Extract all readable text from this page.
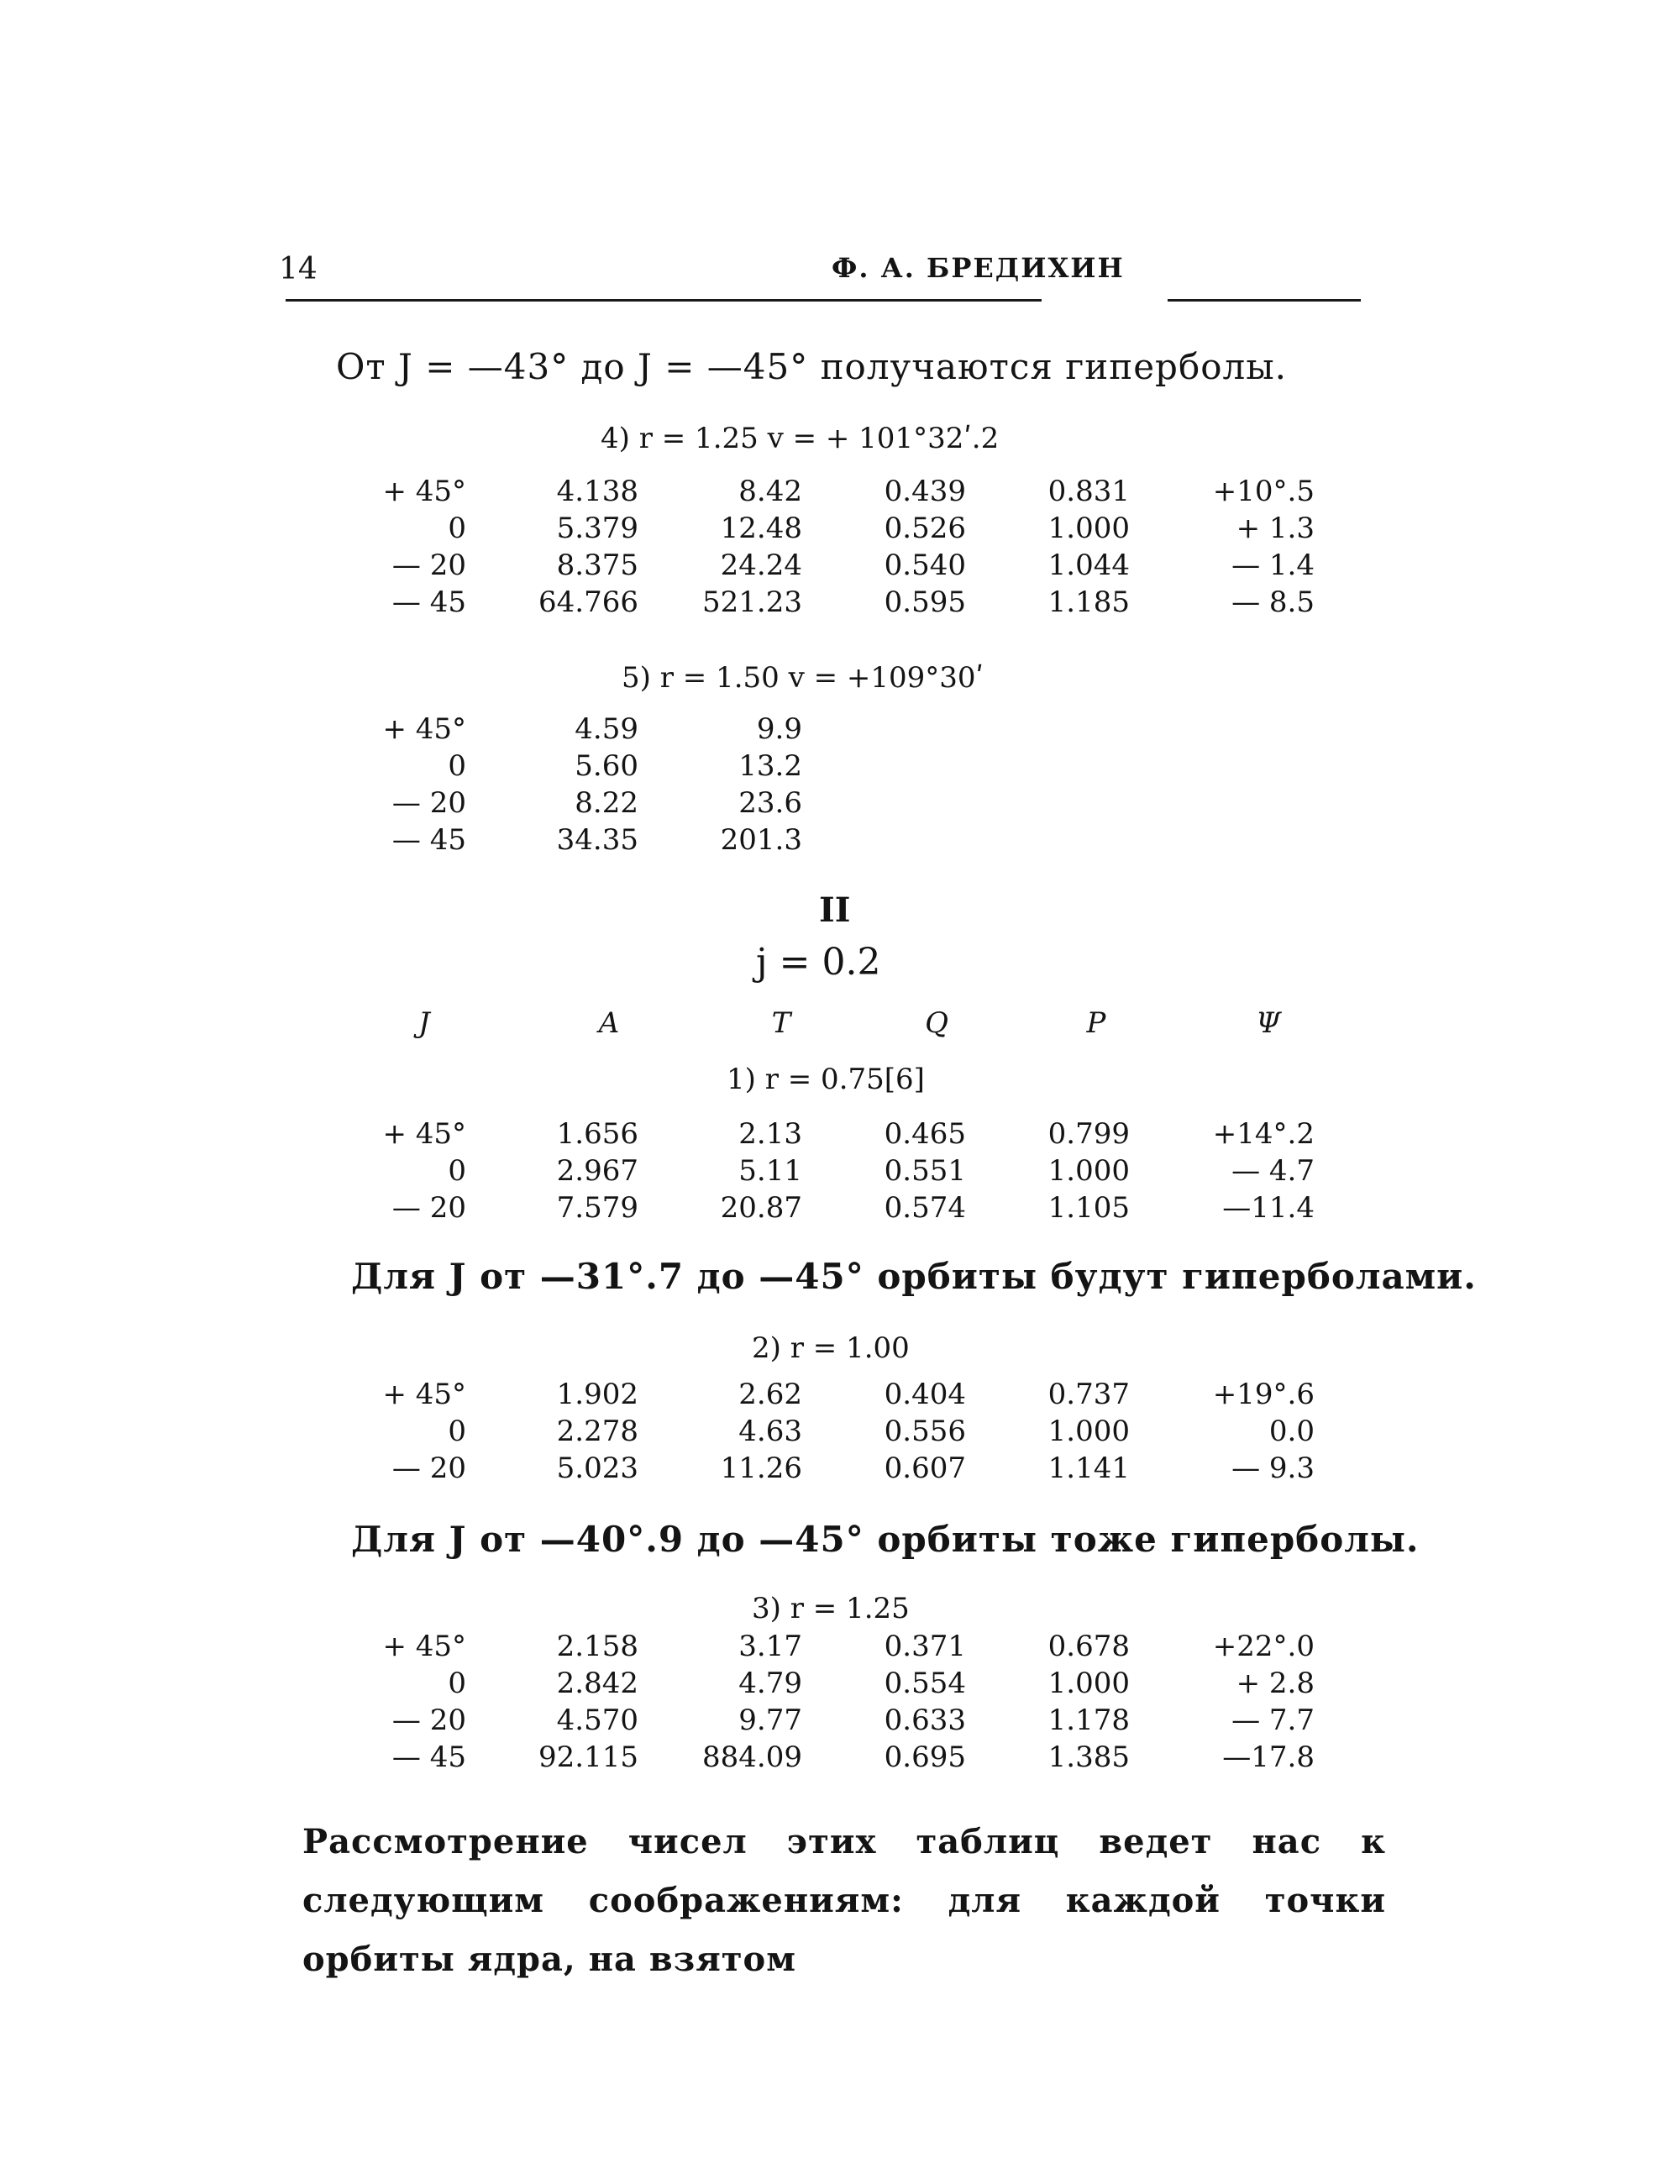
14	Ф. А. БРЕДИХИН
От J = —43° до J = —45° получаются гиперболы.
4) r = 1.25 v = + 101°32ʹ.2
+ 45°	4.138	8.42	0.439	0.831	+10°.5
0	5.379	12.48	0.526	1.000	+ 1.3
— 20	8.375	24.24	0.540	1.044	— 1.4
— 45	64.766	521.23	0.595	1.185	— 8.5
5) r = 1.50 v = +109°30ʹ
+ 45°	4.59	9.9
0	5.60	13.2
— 20	8.22	23.6
— 45	34.35	201.3
II
j = 0.2
J	A	T	Q	P	Ψ
1) r = 0.75[6]
+ 45°	1.656	2.13	0.465	0.799	+14°.2
0	2.967	5.11	0.551	1.000	— 4.7
— 20	7.579	20.87	0.574	1.105	—11.4
Для J от —31°.7 до —45° орбиты будут гиперболами.
2) r = 1.00
+ 45°	1.902	2.62	0.404	0.737	+19°.6
0	2.278	4.63	0.556	1.000	0.0
— 20	5.023	11.26	0.607	1.141	— 9.3
Для J от —40°.9 до —45° орбиты тоже гиперболы.
3) r = 1.25
+ 45°	2.158	3.17	0.371	0.678	+22°.0
0	2.842	4.79	0.554	1.000	+ 2.8
— 20	4.570	9.77	0.633	1.178	— 7.7
— 45	92.115	884.09	0.695	1.385	—17.8
Рассмотрение чисел этих таблиц ведет нас к следующим соображениям: для каждой точки орбиты ядра, на взятом
